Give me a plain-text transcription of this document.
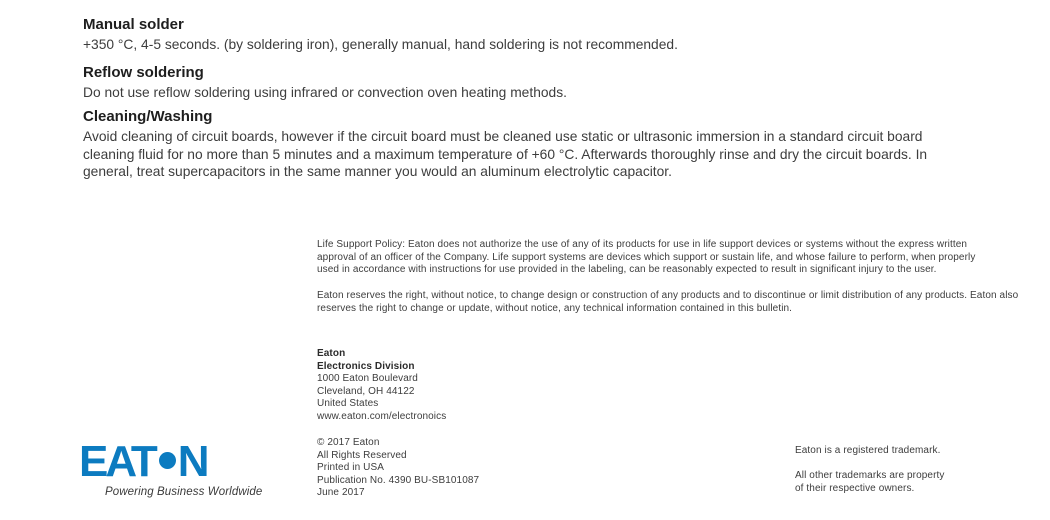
Manual solder
+350 °C, 4-5 seconds. (by soldering iron), generally manual, hand soldering is not recommended.
Reflow soldering
Do not use reflow soldering using infrared or convection oven heating methods.
Cleaning/Washing
Avoid cleaning of circuit boards, however if the circuit board must be cleaned use static or ultrasonic immersion in a standard circuit board
cleaning fluid for no more than 5 minutes and a maximum temperature of +60 °C. Afterwards thoroughly rinse and dry the circuit boards. In
general, treat supercapacitors in the same manner you would an aluminum electrolytic capacitor.
Life Support Policy: Eaton does not authorize the use of any of its products for use in life support devices or systems without the express written
approval of an officer of the Company. Life support systems are devices which support or sustain life, and whose failure to perform, when properly
used in accordance with instructions for use provided in the labeling, can be reasonably expected to result in significant injury to the user.
Eaton reserves the right, without notice, to change design or construction of any products and to discontinue or limit distribution of any products. Eaton also
reserves the right to change or update, without notice, any technical information contained in this bulletin.
Eaton
Electronics Division
1000 Eaton Boulevard
Cleveland, OH 44122
United States
www.eaton.com/electronoics
© 2017 Eaton
All Rights Reserved
Printed in USA
Publication No. 4390 BU-SB101087
June 2017
Eaton is a registered trademark.
All other trademarks are property
of their respective owners.
EAT N
Powering Business Worldwide
